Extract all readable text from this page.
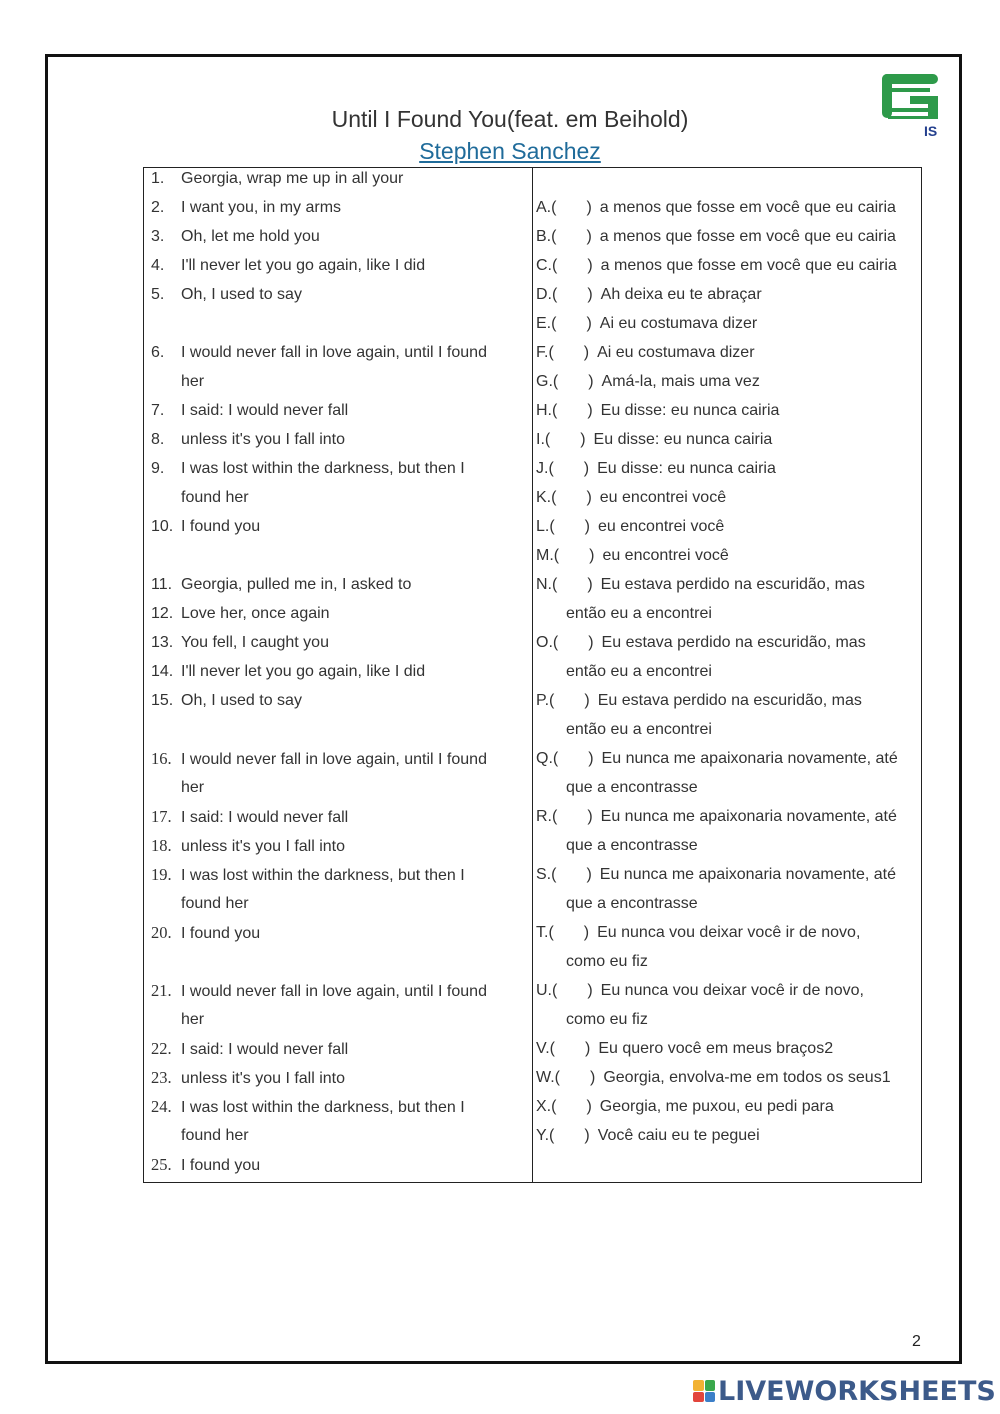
IS
Until I Found You(feat. em Beihold)
Stephen Sanchez
1. Georgia, wrap me up in all your
2. I want you, in my arms
3. Oh, let me hold you
4. I'll never let you go again, like I did
5. Oh, I used to say
6. I would never fall in love again, until I found
her
7. I said: I would never fall
8. unless it's you I fall into
9. I was lost within the darkness, but then I
found her
10. I found you
11. Georgia, pulled me in, I asked to
12. Love her, once again
13. You fell, I caught you
14. I'll never let you go again, like I did
15. Oh, I used to say
16. I would never fall in love again, until I found
her
17. I said: I would never fall
18. unless it's you I fall into
19. I was lost within the darkness, but then I
found her
20. I found you
21. I would never fall in love again, until I found
her
22. I said: I would never fall
23. unless it's you I fall into
24. I was lost within the darkness, but then I
found her
25. I found you
A.( ) a menos que fosse em você que eu cairia
B.( ) a menos que fosse em você que eu cairia
C.( ) a menos que fosse em você que eu cairia
D.( ) Ah deixa eu te abraçar
E.( ) Ai eu costumava dizer
F.( ) Ai eu costumava dizer
G.( ) Amá-la, mais uma vez
H.( ) Eu disse: eu nunca cairia
I.( ) Eu disse: eu nunca cairia
J.( ) Eu disse: eu nunca cairia
K.( ) eu encontrei você
L.( ) eu encontrei você
M.( ) eu encontrei você
N.( ) Eu estava perdido na escuridão, mas
então eu a encontrei
O.( ) Eu estava perdido na escuridão, mas
então eu a encontrei
P.( ) Eu estava perdido na escuridão, mas
então eu a encontrei
Q.( ) Eu nunca me apaixonaria novamente, até
que a encontrasse
R.( ) Eu nunca me apaixonaria novamente, até
que a encontrasse
S.( ) Eu nunca me apaixonaria novamente, até
que a encontrasse
T.( ) Eu nunca vou deixar você ir de novo,
como eu fiz
U.( ) Eu nunca vou deixar você ir de novo,
como eu fiz
V.( ) Eu quero você em meus braços2
W.( ) Georgia, envolva-me em todos os seus1
X.( ) Georgia, me puxou, eu pedi para
Y.( ) Você caiu eu te peguei
2
LIVEWORKSHEETS
